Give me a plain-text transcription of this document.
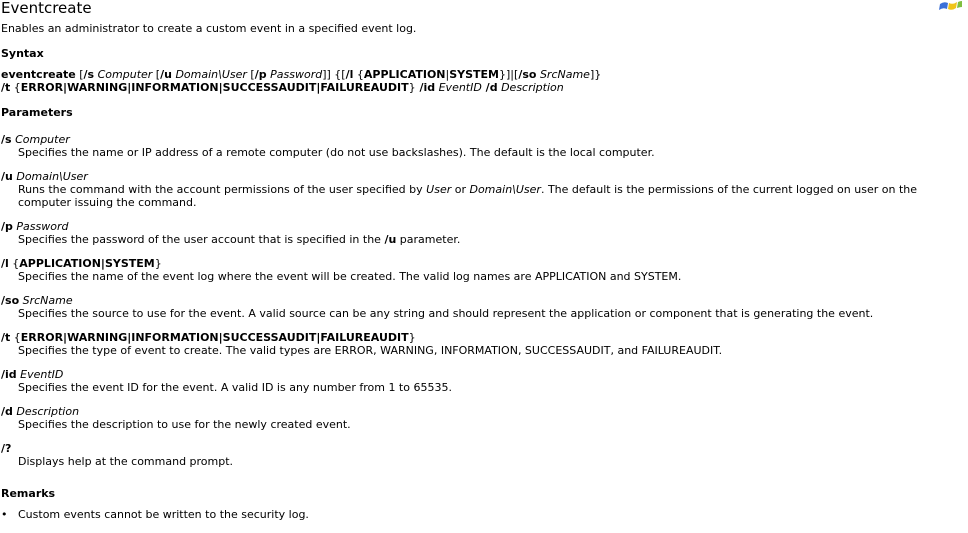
Eventcreate
Enables an administrator to create a custom event in a specified event log.
Syntax
eventcreate [/s Computer [/u Domain\User [/p Password]] {[/l {APPLICATION|SYSTEM}]|[/so SrcName]}
/t {ERROR|WARNING|INFORMATION|SUCCESSAUDIT|FAILUREAUDIT} /id EventID /d Description
Parameters
/s Computer
Specifies the name or IP address of a remote computer (do not use backslashes). The default is the local computer.
/u Domain\User
Runs the command with the account permissions of the user specified by User or Domain\User. The default is the permissions of the current logged on user on the
computer issuing the command.
/p Password
Specifies the password of the user account that is specified in the /u parameter.
/l {APPLICATION|SYSTEM}
Specifies the name of the event log where the event will be created. The valid log names are APPLICATION and SYSTEM.
/so SrcName
Specifies the source to use for the event. A valid source can be any string and should represent the application or component that is generating the event.
/t {ERROR|WARNING|INFORMATION|SUCCESSAUDIT|FAILUREAUDIT}
Specifies the type of event to create. The valid types are ERROR, WARNING, INFORMATION, SUCCESSAUDIT, and FAILUREAUDIT.
/id EventID
Specifies the event ID for the event. A valid ID is any number from 1 to 65535.
/d Description
Specifies the description to use for the newly created event.
/?
Displays help at the command prompt.
Remarks
• Custom events cannot be written to the security log.
